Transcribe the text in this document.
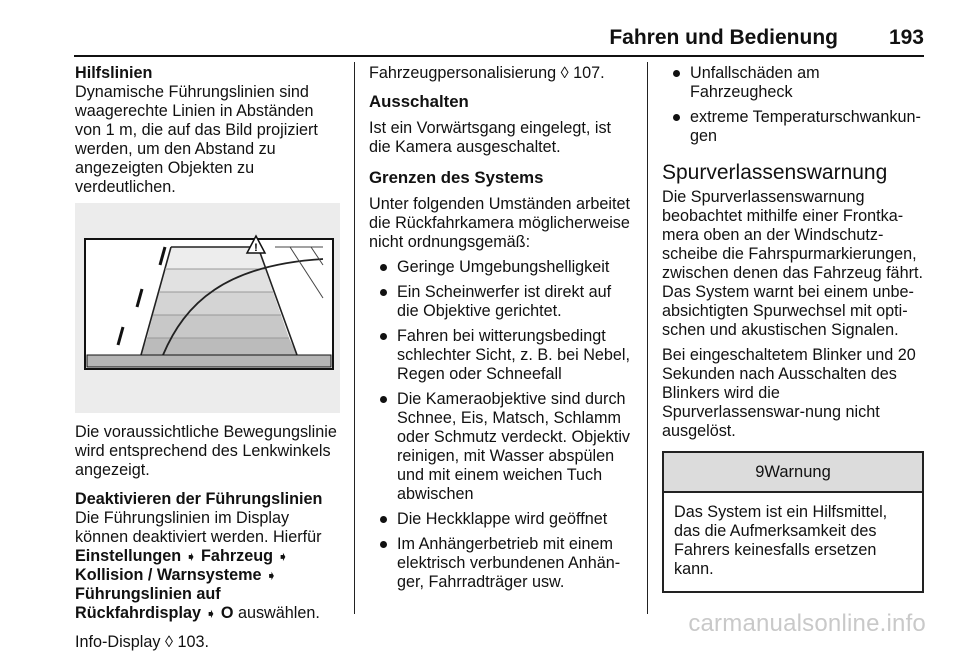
Fahren und Bedienung 193

Hilfslinien

Dynamische Führungslinien sind waagerechte Linien in Abständen von 1 m, die auf das Bild projiziert werden, um den Abstand zu angezeigten Objekten zu verdeutlichen.

!

Die voraussichtliche Bewegungslinie wird entsprechend des Lenkwinkels angezeigt.

Deaktivieren der Führungslinien

Die Führungslinien im Display können deaktiviert werden. Hierfür Einstellungen ➧ Fahrzeug ➧ Kollision / Warnsysteme ➧ Führungslinien auf Rückfahrdisplay ➧ O auswählen.

Info-Display ◊ 103.

Fahrzeugpersonalisierung ◊ 107.

Ausschalten

Ist ein Vorwärtsgang eingelegt, ist die Kamera ausgeschaltet.

Grenzen des Systems

Unter folgenden Umständen arbeitet die Rückfahrkamera möglicherweise nicht ordnungsgemäß:

Geringe Umgebungshelligkeit
Ein Scheinwerfer ist direkt auf die Objektive gerichtet.
Fahren bei witterungsbedingt schlechter Sicht, z. B. bei Nebel, Regen oder Schneefall
Die Kameraobjektive sind durch Schnee, Eis, Matsch, Schlamm oder Schmutz verdeckt. Objektiv reinigen, mit Wasser abspülen und mit einem weichen Tuch abwischen
Die Heckklappe wird geöffnet
Im Anhängerbetrieb mit einem elektrisch verbundenen Anhän-ger, Fahrradträger usw.
Unfallschäden am Fahrzeugheck
extreme Temperaturschwankun-gen

Spurverlassenswarnung

Die Spurverlassenswarnung beobachtet mithilfe einer Frontka-mera oben an der Windschutz-scheibe die Fahrspurmarkierungen, zwischen denen das Fahrzeug fährt. Das System warnt bei einem unbe-absichtigten Spurwechsel mit opti-schen und akustischen Signalen.

Bei eingeschaltetem Blinker und 20 Sekunden nach Ausschalten des Blinkers wird die Spurverlassenswar-nung nicht ausgelöst.

9Warnung
Das System ist ein Hilfsmittel, das die Aufmerksamkeit des Fahrers keinesfalls ersetzen kann.
carmanualsonline.info
